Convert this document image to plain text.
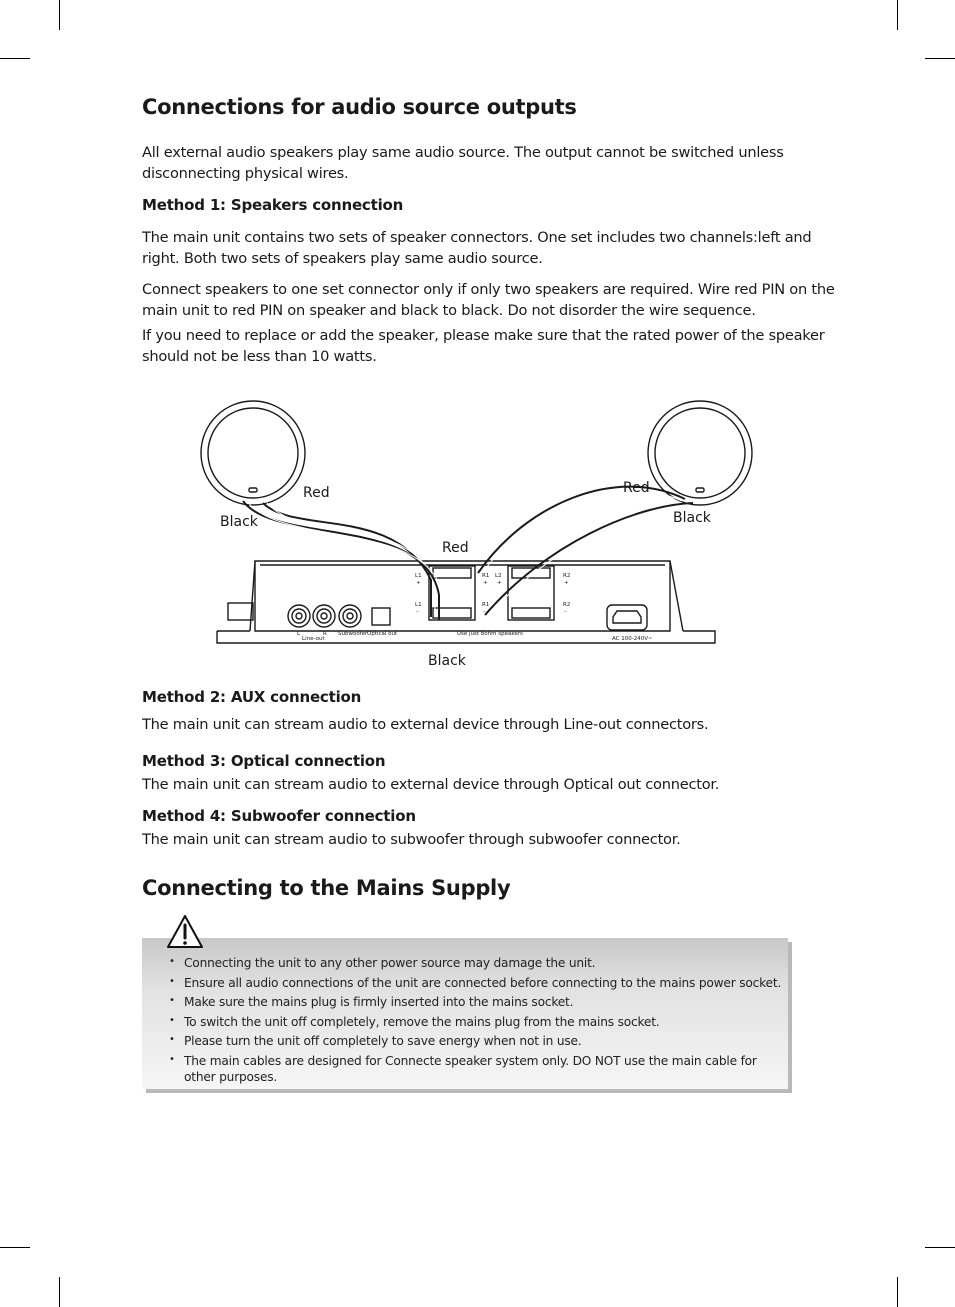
Connections for audio source outputs

All external audio speakers play same audio source. The output cannot be switched unless disconnecting physical wires.

Method 1: Speakers connection

The main unit contains two sets of speaker connectors. One set includes two channels:left and right. Both two sets of speakers play same audio source.

Connect speakers to one set connector only if only two speakers are required. Wire red PIN on the main unit to red PIN on speaker and black to black. Do not disorder the wire sequence.

If you need to replace or add the speaker, please make sure that the rated power of the speaker should not be less than 10 watts.

L1
+
R1
+
L2
+
R2
+
L1
–
R1
–
R2
–
L	R
Line-out
Subwoofer Optical out	Use just 8ohm speakers
AC 100-240V~
Red
Black
Red
Black
Red
Black
Method 2: AUX connection

The main unit can stream audio to external device through Line-out connectors.

Method 3: Optical connection

The main unit can stream audio to external device through Optical out connector.

Method 4: Subwoofer connection

The main unit can stream audio to subwoofer through subwoofer connector.

Connecting to the Mains Supply
• Connecting the unit to any other power source may damage the unit.
• Ensure all audio connections of the unit are connected before connecting to the mains power socket.
• Make sure the mains plug is firmly inserted into the mains socket.
• To switch the unit off completely, remove the mains plug from the mains socket.
• Please turn the unit off completely to save energy when not in use.
• The main cables are designed for Connecte speaker system only. DO NOT use the main cable for other purposes.
